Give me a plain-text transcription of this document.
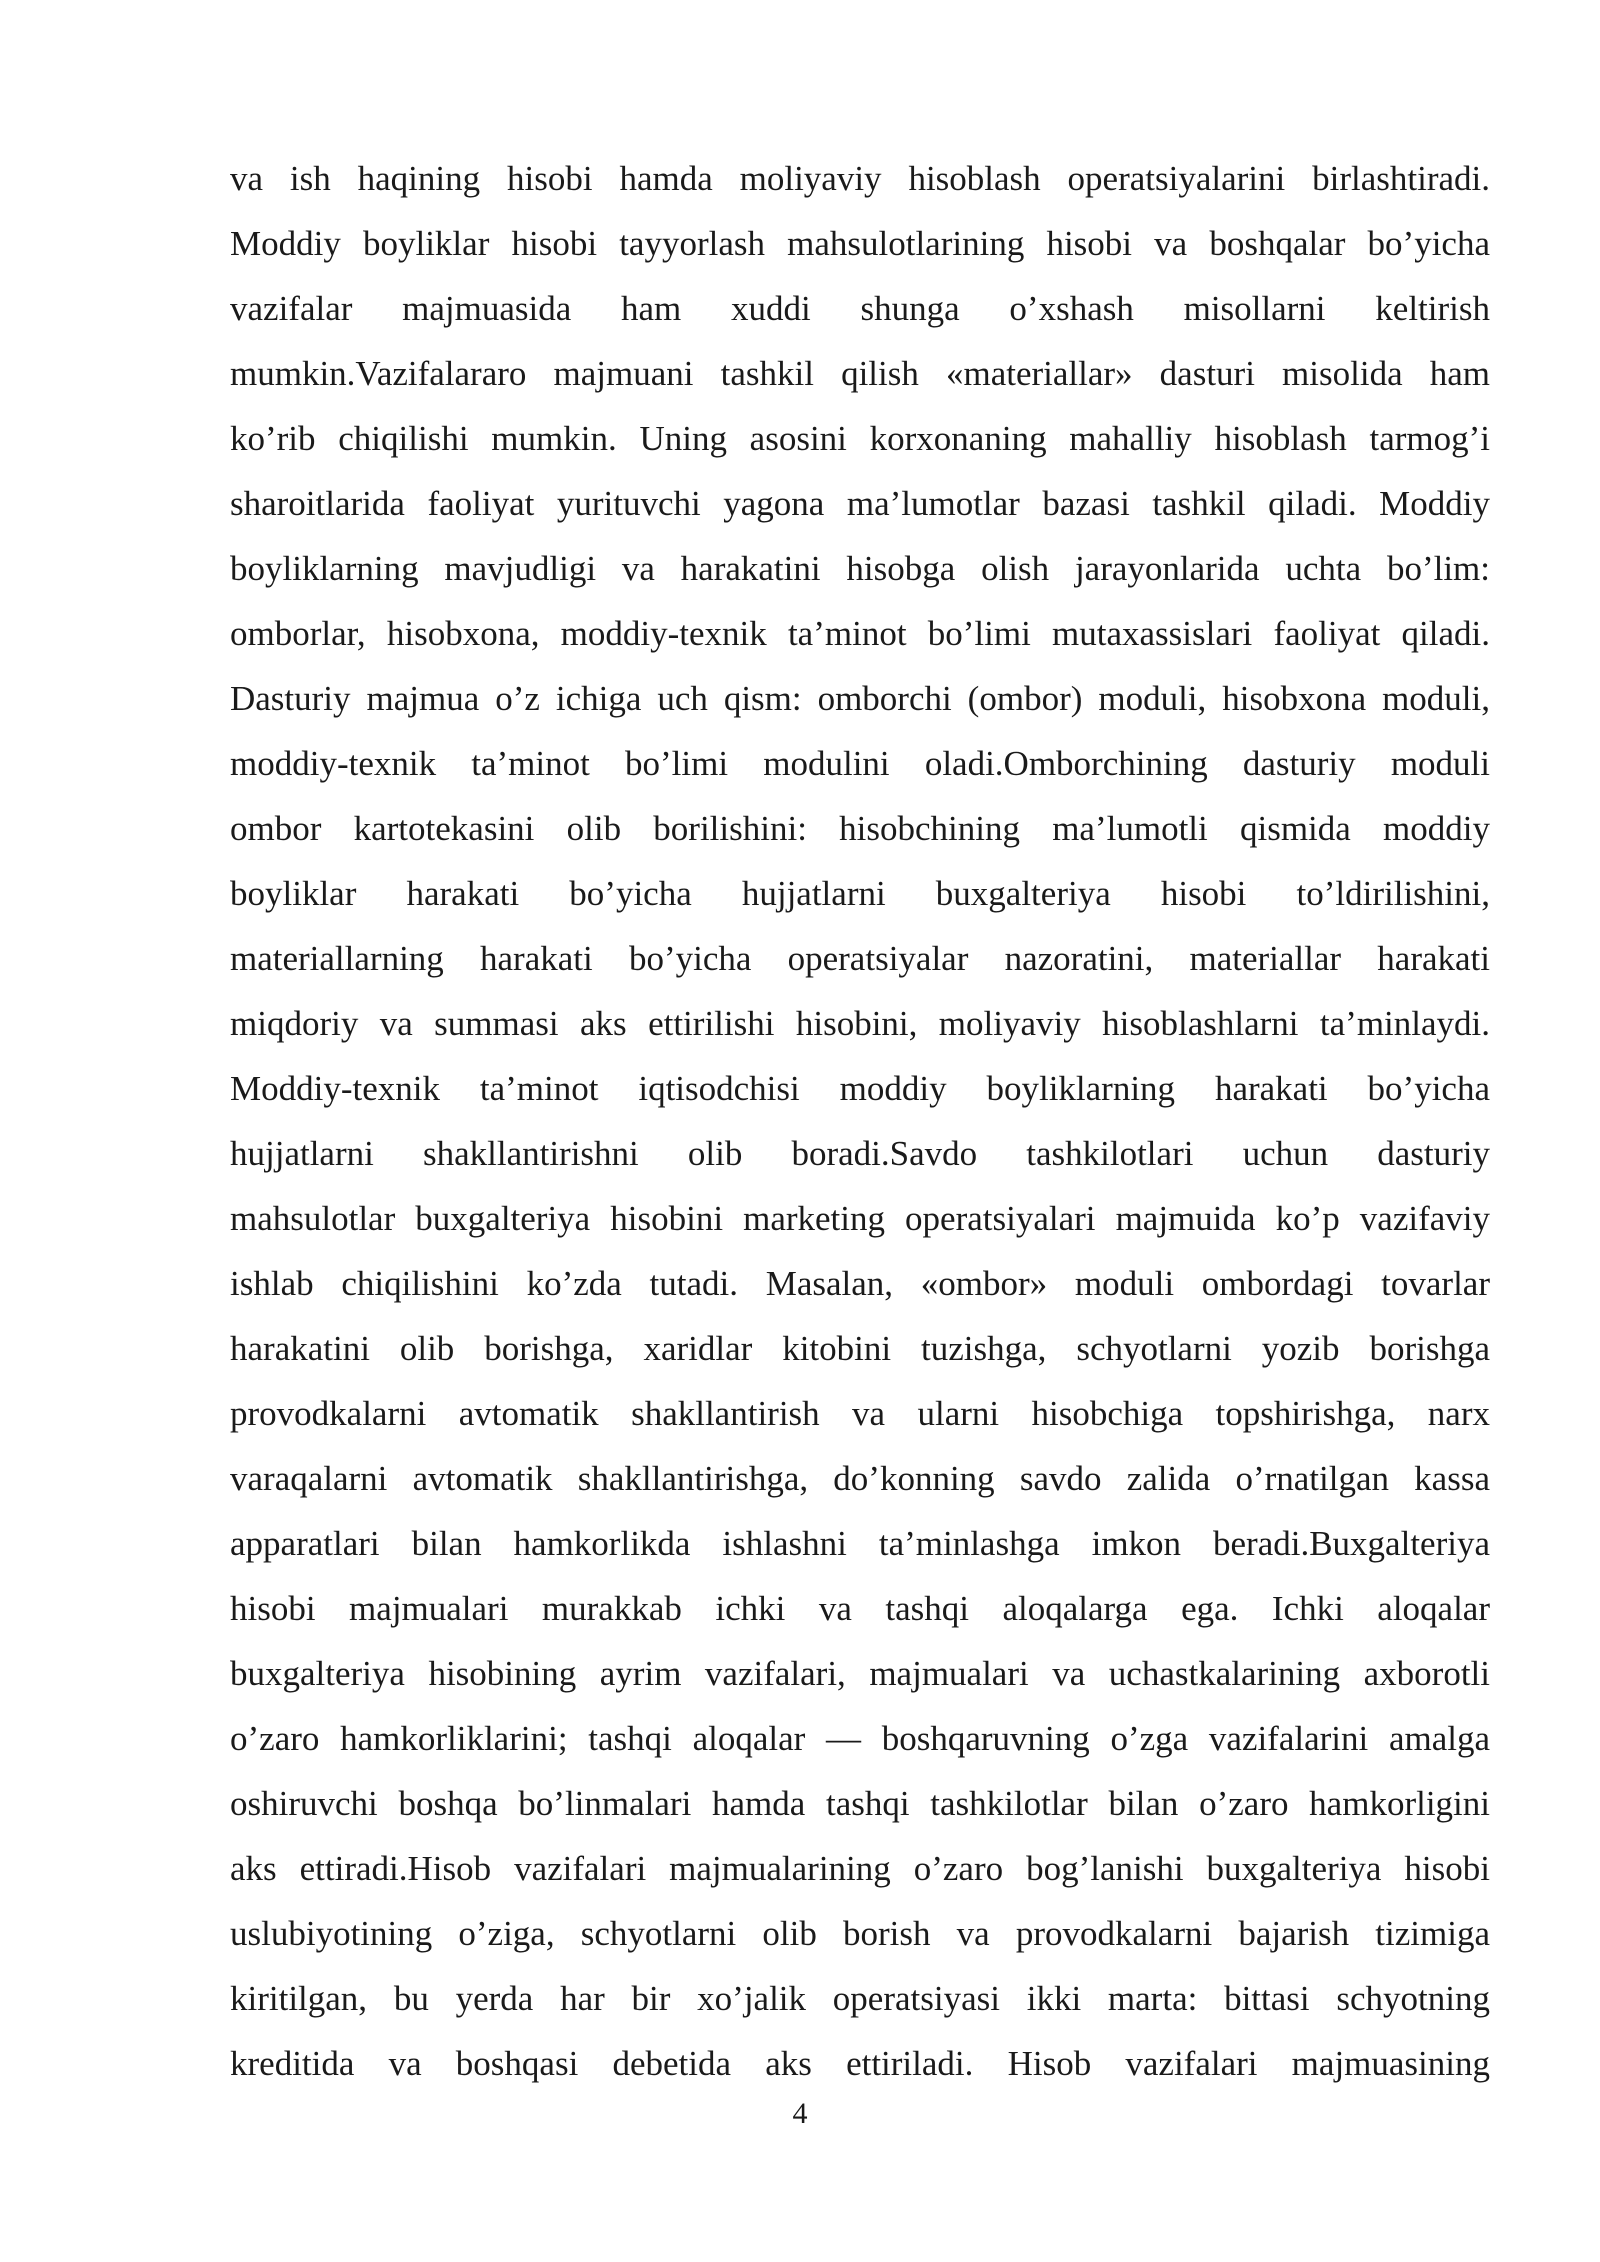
va ish haqining hisobi hamda moliyaviy hisoblash operatsiyalarini birlashtiradi.
Moddiy boyliklar hisobi tayyorlash mahsulotlarining hisobi va boshqalar bo’yicha
vazifalar majmuasida ham xuddi shunga o’xshash misollarni keltirish
mumkin.Vazifalararo majmuani tashkil qilish «materiallar» dasturi misolida ham
ko’rib chiqilishi mumkin. Uning asosini korxonaning mahalliy hisoblash tarmog’i
sharoitlarida faoliyat yurituvchi yagona ma’lumotlar bazasi tashkil qiladi. Moddiy
boyliklarning mavjudligi va harakatini hisobga olish jarayonlarida uchta bo’lim:
omborlar, hisobxona, moddiy-texnik ta’minot bo’limi mutaxassislari faoliyat qiladi.
Dasturiy majmua o’z ichiga uch qism: omborchi (ombor) moduli, hisobxona moduli,
moddiy-texnik ta’minot bo’limi modulini oladi.Omborchining dasturiy moduli
ombor kartotekasini olib borilishini: hisobchining ma’lumotli qismida moddiy
boyliklar harakati bo’yicha hujjatlarni buxgalteriya hisobi to’ldirilishini,
materiallarning harakati bo’yicha operatsiyalar nazoratini, materiallar harakati
miqdoriy va summasi aks ettirilishi hisobini, moliyaviy hisoblashlarni ta’minlaydi.
Moddiy-texnik ta’minot iqtisodchisi moddiy boyliklarning harakati bo’yicha
hujjatlarni shakllantirishni olib boradi.Savdo tashkilotlari uchun dasturiy
mahsulotlar buxgalteriya hisobini marketing operatsiyalari majmuida ko’p vazifaviy
ishlab chiqilishini ko’zda tutadi. Masalan, «ombor» moduli ombordagi tovarlar
harakatini olib borishga, xaridlar kitobini tuzishga, schyotlarni yozib borishga
provodkalarni avtomatik shakllantirish va ularni hisobchiga topshirishga, narx
varaqalarni avtomatik shakllantirishga, do’konning savdo zalida o’rnatilgan kassa
apparatlari bilan hamkorlikda ishlashni ta’minlashga imkon beradi.Buxgalteriya
hisobi majmualari murakkab ichki va tashqi aloqalarga ega. Ichki aloqalar
buxgalteriya hisobining ayrim vazifalari, majmualari va uchastkalarining axborotli
o’zaro hamkorliklarini; tashqi aloqalar — boshqaruvning o’zga vazifalarini amalga
oshiruvchi boshqa bo’linmalari hamda tashqi tashkilotlar bilan o’zaro hamkorligini
aks ettiradi.Hisob vazifalari majmualarining o’zaro bog’lanishi buxgalteriya hisobi
uslubiyotining o’ziga, schyotlarni olib borish va provodkalarni bajarish tizimiga
kiritilgan, bu yerda har bir xo’jalik operatsiyasi ikki marta: bittasi schyotning
kreditida va boshqasi debetida aks ettiriladi. Hisob vazifalari majmuasining
4
